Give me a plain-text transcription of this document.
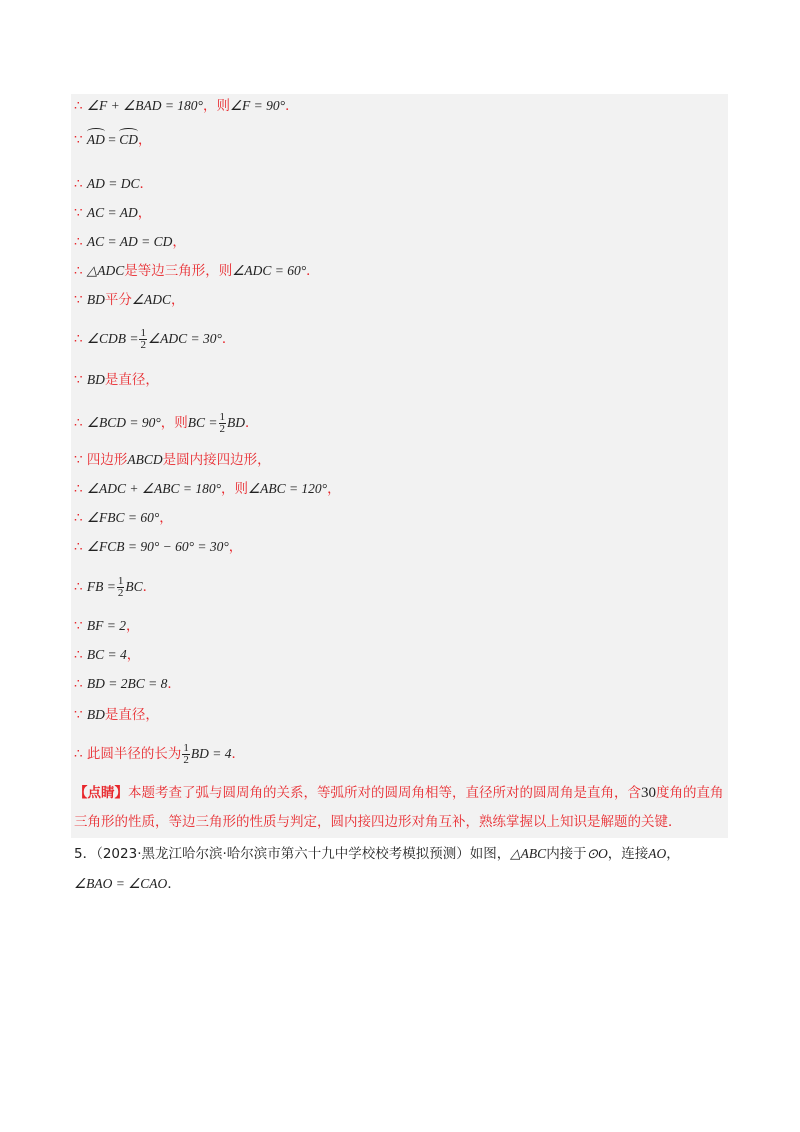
∴ ∠F + ∠BAD = 180°，则∠F = 90°．
∵ AD = CD，
∴ AD = DC．
∵ AC = AD，
∴ AC = AD = CD，
∴ △ADC是等边三角形，则∠ADC = 60°．
∵ BD平分∠ADC，
∴ ∠CDB = $\frac{1}{2}$ ∠ADC = 30°．
∵ BD是直径，
∴ ∠BCD = 90°，则BC = $\frac{1}{2}$ BD．
∵ 四边形ABCD是圆内接四边形，
∴ ∠ADC + ∠ABC = 180°，则∠ABC = 120°，
∴ ∠FBC = 60°，
∴ ∠FCB = 90° − 60° = 30°，
∴ FB = $\frac{1}{2}$ BC．
∵ BF = 2，
∴ BC = 4，
∴ BD = 2BC = 8．
∵ BD是直径，
∴ 此圆半径的长为 $\frac{1}{2}$ BD = 4．
【点睛】本题考查了弧与圆周角的关系，等弧所对的圆周角相等，直径所对的圆周角是直角，含30度角的直角三角形的性质，等边三角形的性质与判定，圆内接四边形对角互补，熟练掌握以上知识是解题的关键．
5．（2023·黑龙江哈尔滨·哈尔滨市第六十九中学校校考模拟预测）如图，△ABC内接于⊙O，连接AO，
∠BAO = ∠CAO．
